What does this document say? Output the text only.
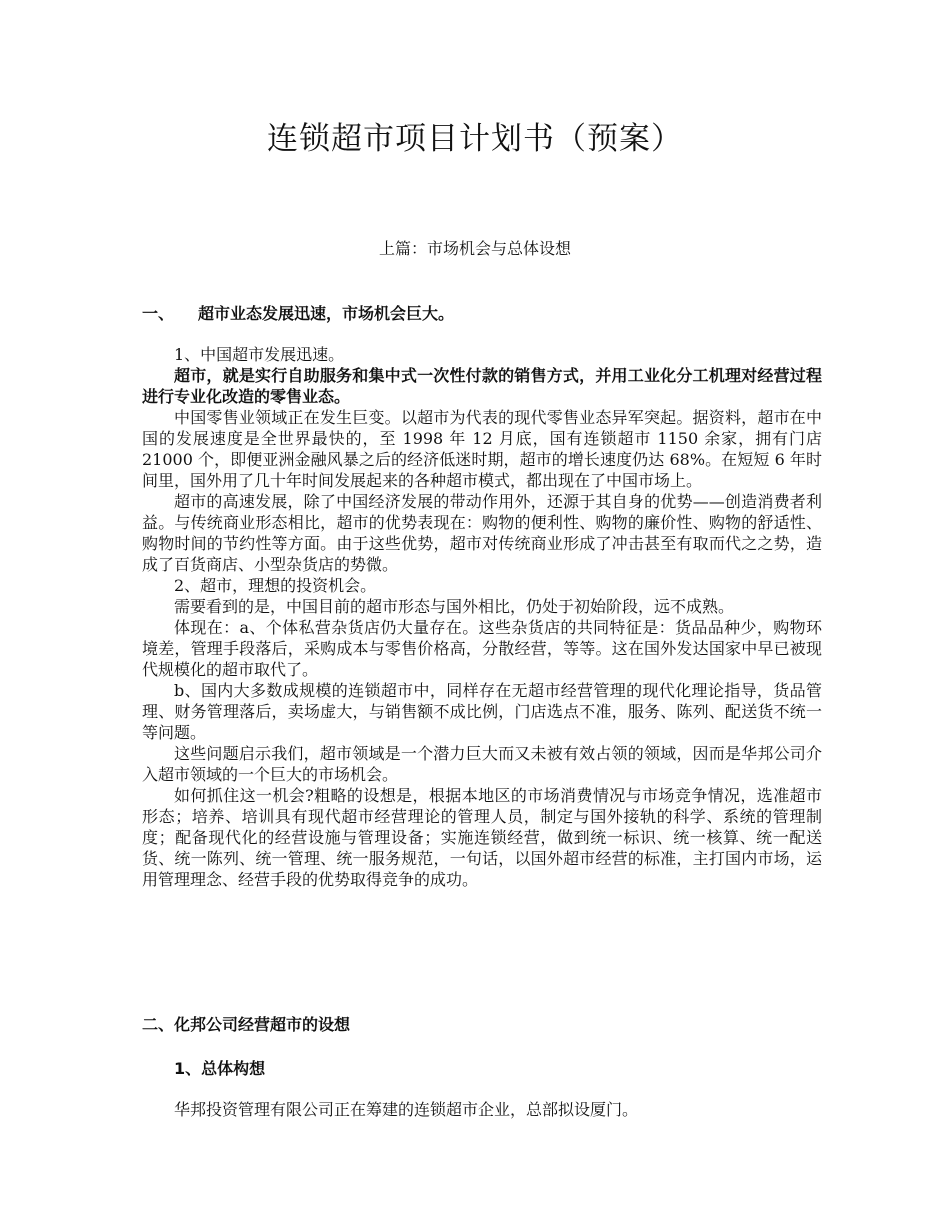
连锁超市项目计划书（预案）
上篇：市场机会与总体设想
一、 超市业态发展迅速，市场机会巨大。

1、中国超市发展迅速。

超市，就是实行自助服务和集中式一次性付款的销售方式，并用工业化分工机理对经营过程进行专业化改造的零售业态。

中国零售业领域正在发生巨变。以超市为代表的现代零售业态异军突起。据资料，超市在中国的发展速度是全世界最快的，至 1998 年 12 月底，国有连锁超市 1150 余家，拥有门店 21000 个，即便亚洲金融风暴之后的经济低迷时期，超市的增长速度仍达 68%。在短短 6 年时间里，国外用了几十年时间发展起来的各种超市模式，都出现在了中国市场上。

超市的高速发展，除了中国经济发展的带动作用外，还源于其自身的优势——创造消费者利益。与传统商业形态相比，超市的优势表现在：购物的便利性、购物的廉价性、购物的舒适性、购物时间的节约性等方面。由于这些优势，超市对传统商业形成了冲击甚至有取而代之之势，造成了百货商店、小型杂货店的势微。

2、超市，理想的投资机会。

需要看到的是，中国目前的超市形态与国外相比，仍处于初始阶段，远不成熟。

体现在：a、个体私营杂货店仍大量存在。这些杂货店的共同特征是：货品品种少，购物环境差，管理手段落后，采购成本与零售价格高，分散经营，等等。这在国外发达国家中早已被现代规模化的超市取代了。

b、国内大多数成规模的连锁超市中，同样存在无超市经营管理的现代化理论指导，货品管理、财务管理落后，卖场虚大，与销售额不成比例，门店选点不准，服务、陈列、配送货不统一等问题。

这些问题启示我们，超市领域是一个潜力巨大而又未被有效占领的领域，因而是华邦公司介入超市领域的一个巨大的市场机会。

如何抓住这一机会?粗略的设想是，根据本地区的市场消费情况与市场竞争情况，选准超市形态；培养、培训具有现代超市经营理论的管理人员，制定与国外接轨的科学、系统的管理制度；配备现代化的经营设施与管理设备；实施连锁经营，做到统一标识、统一核算、统一配送货、统一陈列、统一管理、统一服务规范，一句话，以国外超市经营的标准，主打国内市场，运用管理理念、经营手段的优势取得竞争的成功。

二、化邦公司经营超市的设想
1、总体构想
华邦投资管理有限公司正在筹建的连锁超市企业，总部拟设厦门。
